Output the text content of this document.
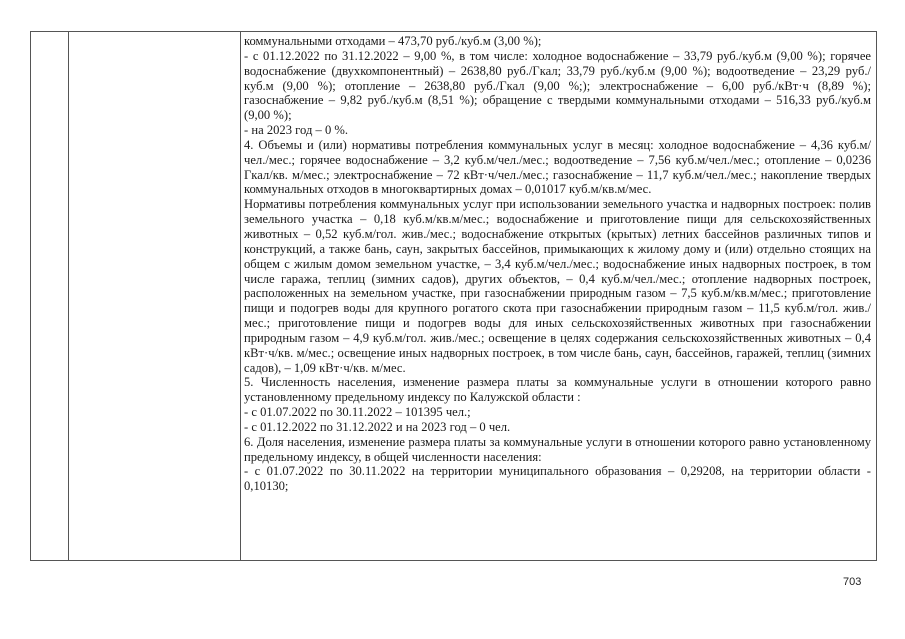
коммунальными отходами – 473,70 руб./куб.м (3,00 %);

- с 01.12.2022 по 31.12.2022 – 9,00 %, в том числе: холодное водоснабжение – 33,79 руб./куб.м (9,00 %); горячее водоснабжение (двухкомпонентный) – 2638,80 руб./Гкал; 33,79 руб./куб.м (9,00 %); водоотведение – 23,29 руб./куб.м (9,00 %); отопление – 2638,80 руб./Гкал (9,00 %;); электроснабжение – 6,00 руб./кВт·ч (8,89 %); газоснабжение – 9,82 руб./куб.м (8,51 %); обращение с твердыми коммунальными отходами – 516,33 руб./куб.м (9,00 %);

- на 2023 год – 0 %.

4. Объемы и (или) нормативы потребления коммунальных услуг в месяц: холодное водоснабжение – 4,36 куб.м/чел./мес.; горячее водоснабжение – 3,2 куб.м/чел./мес.; водоотведение – 7,56 куб.м/чел./мес.; отопление – 0,0236 Гкал/кв. м/мес.; электроснабжение – 72 кВт·ч/чел./мес.; газоснабжение – 11,7 куб.м/чел./мес.; накопление твердых коммунальных отходов в многоквартирных домах – 0,01017 куб.м/кв.м/мес.

Нормативы потребления коммунальных услуг при использовании земельного участка и надворных построек: полив земельного участка – 0,18 куб.м/кв.м/мес.; водоснабжение и приготовление пищи для сельскохозяйственных животных – 0,52 куб.м/гол. жив./мес.; водоснабжение открытых (крытых) летних бассейнов различных типов и конструкций, а также бань, саун, закрытых бассейнов, примыкающих к жилому дому и (или) отдельно стоящих на общем с жилым домом земельном участке, – 3,4 куб.м/чел./мес.; водоснабжение иных надворных построек, в том числе гаража, теплиц (зимних садов), других объектов, – 0,4 куб.м/чел./мес.; отопление надворных построек, расположенных на земельном участке, при газоснабжении природным газом – 7,5 куб.м/кв.м/мес.; приготовление пищи и подогрев воды для крупного рогатого скота при газоснабжении природным газом – 11,5 куб.м/гол. жив./мес.; приготовление пищи и подогрев воды для иных сельскохозяйственных животных при газоснабжении природным газом – 4,9 куб.м/гол. жив./мес.; освещение в целях содержания сельскохозяйственных животных – 0,4 кВт·ч/кв. м/мес.; освещение иных надворных построек, в том числе бань, саун, бассейнов, гаражей, теплиц (зимних садов), – 1,09 кВт·ч/кв. м/мес.

5. Численность населения, изменение размера платы за коммунальные услуги в отношении которого равно установленному предельному индексу по Калужской области :

- с 01.07.2022 по 30.11.2022 – 101395 чел.;

- с 01.12.2022 по 31.12.2022 и на 2023 год – 0 чел.

6. Доля населения, изменение размера платы за коммунальные услуги в отношении которого равно установленному предельному индексу, в общей численности населения:

- с 01.07.2022 по 30.11.2022 на территории муниципального образования – 0,29208, на территории области - 0,10130;

703
